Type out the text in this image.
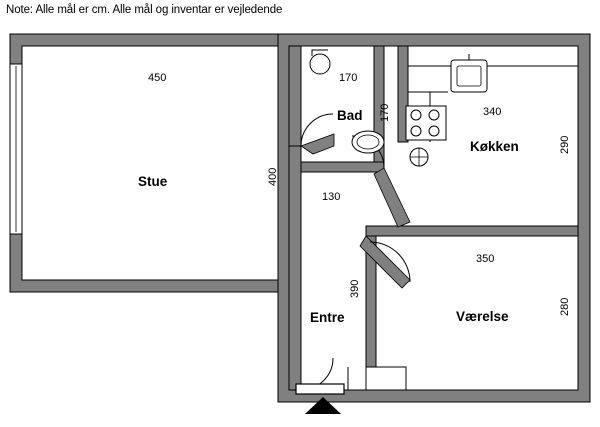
Note: Alle mål er cm. Alle mål og inventar er vejledende
Stue
Bad
Køkken
Entre	Værelse
450	170
170	340
290
400
130
350
390
280
